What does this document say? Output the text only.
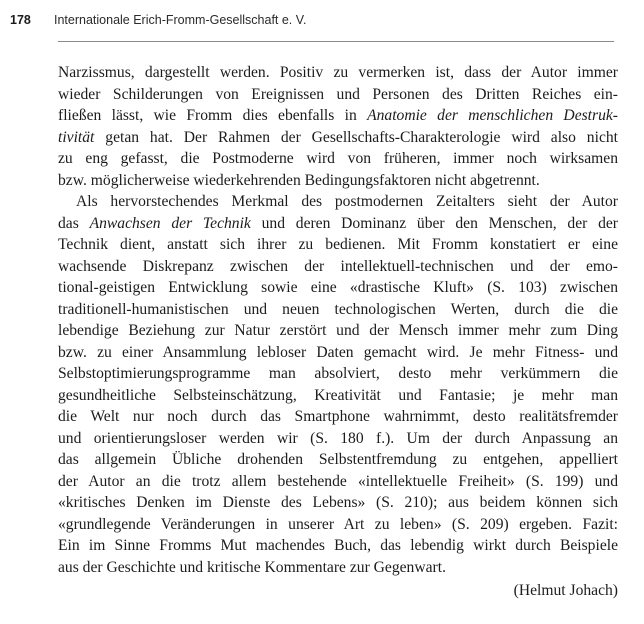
178	Internationale Erich-Fromm-Gesellschaft e. V.
Narzissmus, dargestellt werden. Positiv zu vermerken ist, dass der Autor immer
wieder Schilderungen von Ereignissen und Personen des Dritten Reiches ein-
fließen lässt, wie Fromm dies ebenfalls in Anatomie der menschlichen Destruk-
tivität getan hat. Der Rahmen der Gesellschafts-Charakterologie wird also nicht
zu eng gefasst, die Postmoderne wird von früheren, immer noch wirksamen
bzw. möglicherweise wiederkehrenden Bedingungsfaktoren nicht abgetrennt.
Als hervorstechendes Merkmal des postmodernen Zeitalters sieht der Autor
das Anwachsen der Technik und deren Dominanz über den Menschen, der der
Technik dient, anstatt sich ihrer zu bedienen. Mit Fromm konstatiert er eine
wachsende Diskrepanz zwischen der intellektuell-technischen und der emo-
tional-geistigen Entwicklung sowie eine «drastische Kluft» (S. 103) zwischen
traditionell-humanistischen und neuen technologischen Werten, durch die die
lebendige Beziehung zur Natur zerstört und der Mensch immer mehr zum Ding
bzw. zu einer Ansammlung lebloser Daten gemacht wird. Je mehr Fitness- und
Selbstoptimierungsprogramme man absolviert, desto mehr verkümmern die
gesundheitliche Selbsteinschätzung, Kreativität und Fantasie; je mehr man
die Welt nur noch durch das Smartphone wahrnimmt, desto realitätsfremder
und orientierungsloser werden wir (S. 180 f.). Um der durch Anpassung an
das allgemein Übliche drohenden Selbstentfremdung zu entgehen, appelliert
der Autor an die trotz allem bestehende «intellektuelle Freiheit» (S. 199) und
«kritisches Denken im Dienste des Lebens» (S. 210); aus beidem können sich
«grundlegende Veränderungen in unserer Art zu leben» (S. 209) ergeben. Fazit:
Ein im Sinne Fromms Mut machendes Buch, das lebendig wirkt durch Beispiele
aus der Geschichte und kritische Kommentare zur Gegenwart.
(Helmut Johach)
